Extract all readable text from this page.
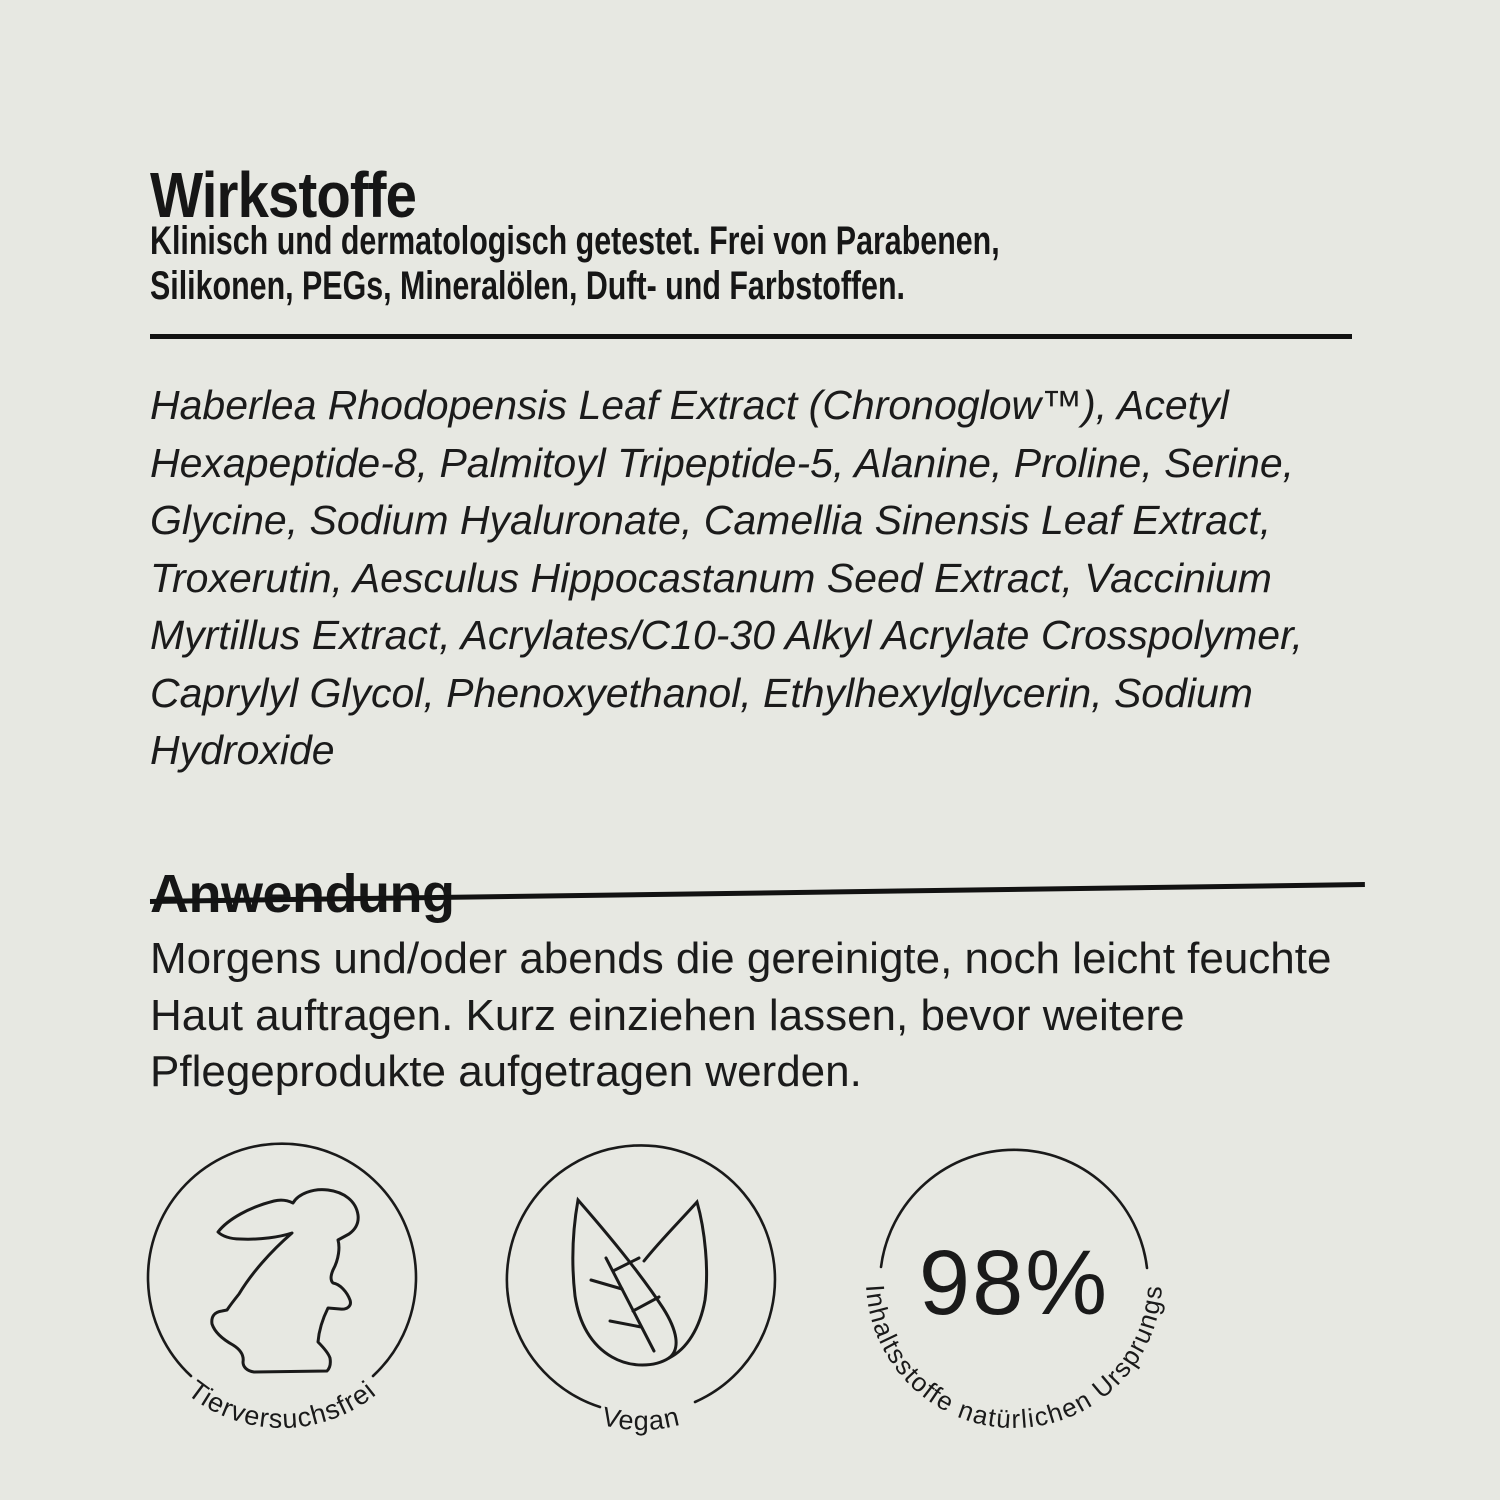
Wirkstoffe
Klinisch und dermatologisch getestet. Frei von Parabenen,
Silikonen, PEGs, Mineralölen, Duft- und Farbstoffen.
Haberlea Rhodopensis Leaf Extract (Chronoglow™), Acetyl
Hexapeptide-8, Palmitoyl Tripeptide-5, Alanine, Proline, Serine,
Glycine, Sodium Hyaluronate, Camellia Sinensis Leaf Extract,
Troxerutin, Aesculus Hippocastanum Seed Extract, Vaccinium
Myrtillus Extract, Acrylates/C10-30 Alkyl Acrylate Crosspolymer,
Caprylyl Glycol, Phenoxyethanol, Ethylhexylglycerin, Sodium
Hydroxide
Anwendung
Morgens und/oder abends die gereinigte, noch leicht feuchte
Haut auftragen. Kurz einziehen lassen, bevor weitere
Pflegeprodukte aufgetragen werden.
Tierversuchsfrei
Vegan
98%
Inhaltsstoffe natürlichen Ursprungs
